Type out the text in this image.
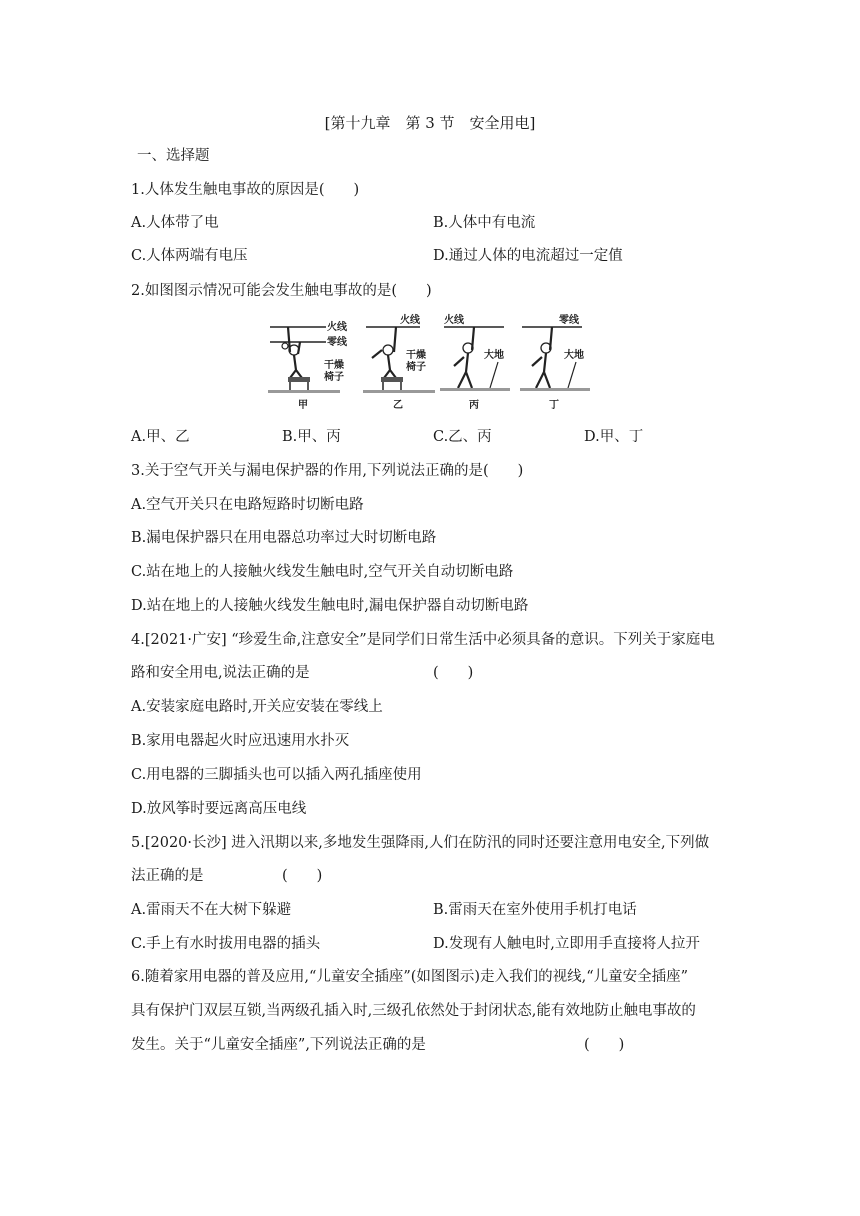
[第十九章　第 3 节　安全用电]
一、选择题
1.人体发生触电事故的原因是(　　)
A.人体带了电	B.人体中有电流
C.人体两端有电压	D.通过人体的电流超过一定值
2.如图图示情况可能会发生触电事故的是(　　)
火线
零线
干燥
椅子
甲
火线
干燥
椅子
乙
火线
大地
丙
零线
大地
丁
A.甲、乙	B.甲、丙	C.乙、丙	D.甲、丁
3.关于空气开关与漏电保护器的作用,下列说法正确的是(　　)
A.空气开关只在电路短路时切断电路
B.漏电保护器只在用电器总功率过大时切断电路
C.站在地上的人接触火线发生触电时,空气开关自动切断电路
D.站在地上的人接触火线发生触电时,漏电保护器自动切断电路
4.[2021·广安] “珍爱生命,注意安全”是同学们日常生活中必须具备的意识。下列关于家庭电
路和安全用电,说法正确的是	(　　)
A.安装家庭电路时,开关应安装在零线上
B.家用电器起火时应迅速用水扑灭
C.用电器的三脚插头也可以插入两孔插座使用
D.放风筝时要远离高压电线
5.[2020·长沙] 进入汛期以来,多地发生强降雨,人们在防汛的同时还要注意用电安全,下列做
法正确的是	(　　)
A.雷雨天不在大树下躲避	B.雷雨天在室外使用手机打电话
C.手上有水时拔用电器的插头	D.发现有人触电时,立即用手直接将人拉开
6.随着家用电器的普及应用,“儿童安全插座”(如图图示)走入我们的视线,“儿童安全插座”
具有保护门双层互锁,当两级孔插入时,三级孔依然处于封闭状态,能有效地防止触电事故的
发生。关于“儿童安全插座”,下列说法正确的是	(　　)
